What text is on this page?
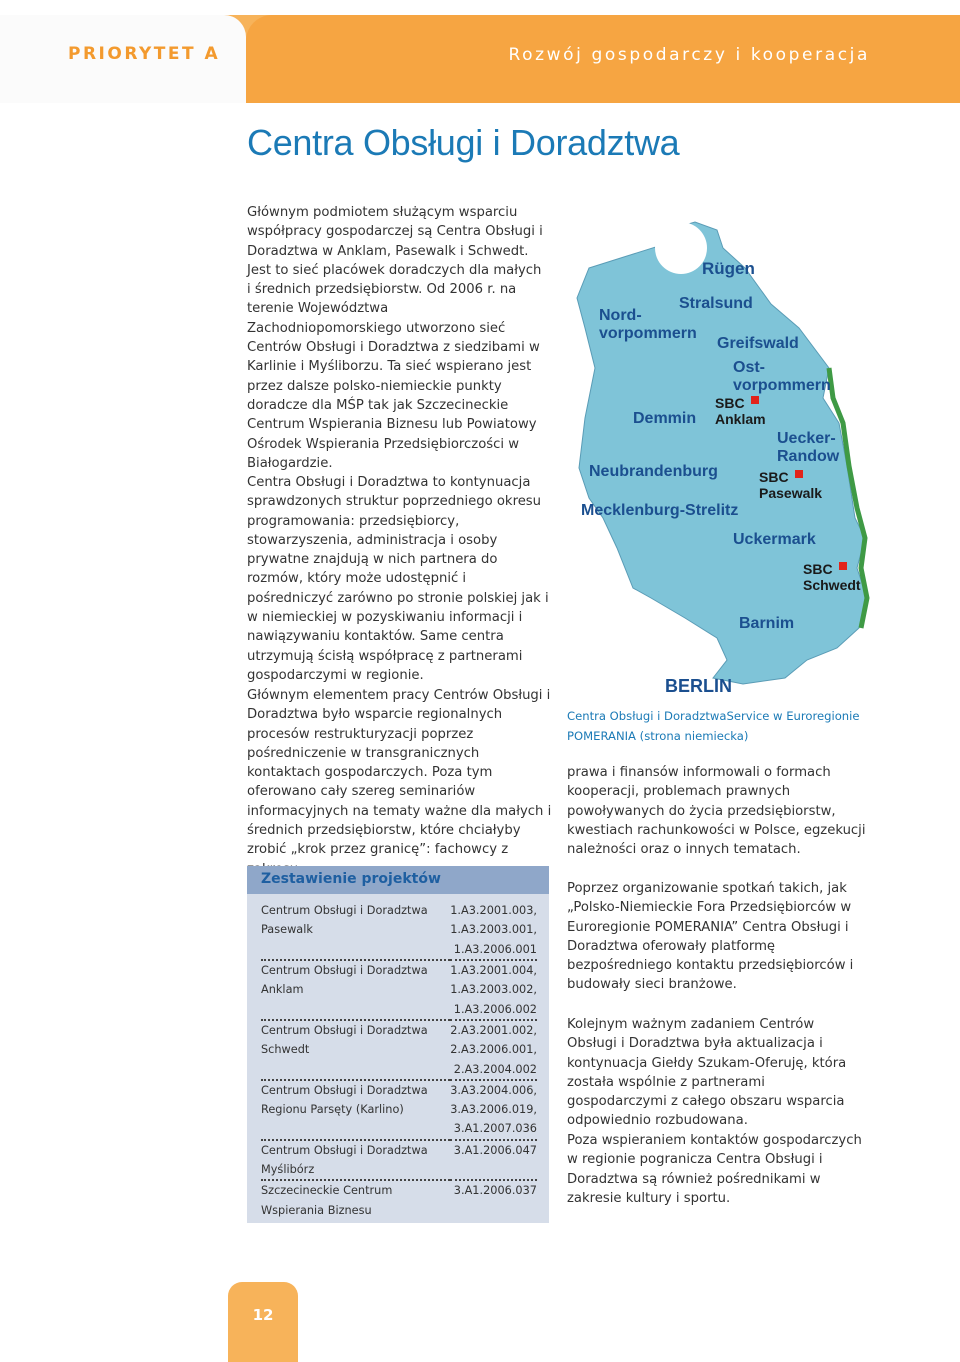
PRIORYTET A	Rozwój gospodarczy i kooperacja
Centra Obsługi i Doradztwa

Głównym podmiotem służącym wsparciu współpracy gospodarczej są Centra Obsługi i Doradztwa w Anklam, Pasewalk i Schwedt. Jest to sieć placówek doradczych dla małych i średnich przedsiębiorstw. Od 2006 r. na terenie Województwa Zachodniopomorskiego utworzono sieć Centrów Obsługi i Doradztwa z siedzibami w Karlinie i Myśliborzu. Ta sieć wspierano jest przez dalsze polsko-niemieckie punkty doradcze dla MŚP tak jak Szczecineckie Centrum Wspierania Biznesu lub Powiatowy Ośrodek Wspierania Przedsiębiorczości w Białogardzie.

Centra Obsługi i Doradztwa to kontynuacja sprawdzonych struktur poprzedniego okresu programowania: przedsiębiorcy, stowarzyszenia, administracja i osoby prywatne znajdują w nich partnera do rozmów, który może udostępnić i pośredniczyć zarówno po stronie polskiej jak i w niemieckiej w pozyskiwaniu informacji i nawiązywaniu kontaktów. Same centra utrzymują ścisłą współpracę z partnerami gospodarczymi w regionie.

Głównym elementem pracy Centrów Obsługi i Doradztwa było wsparcie regionalnych procesów restrukturyzacji poprzez pośredniczenie w transgranicznych kontaktach gospodarczych. Poza tym oferowano cały szereg seminariów informacyjnych na tematy ważne dla małych i średnich przedsiębiorstw, które chciałyby zrobić „krok przez granicę”: fachowcy z

Rügen
Stralsund
Nord-
vorpommern
Greifswald
Ost-
vorpommern
SBC
Anklam
Demmin
Uecker-
Randow
Neubrandenburg	SBC
Pasewalk
Mecklenburg-Strelitz
Uckermark
SBC
Schwedt
Barnim
BERLIN
Centra Obsługi i DoradztwaService w Euroregionie POMERANIA (strona niemiecka)

prawa i finansów informowali o formach kooperacji, problemach prawnych powoływanych do życia przedsiębiorstw, kwestiach rachunkowości w Polsce, egzekucji należności oraz o innych tematach.

Poprzez organizowanie spotkań takich, jak „Polsko-Niemieckie Fora Przedsiębiorców w Euroregionie POMERANIA” Centra Obsługi i Doradztwa oferowały platformę bezpośredniego kontaktu przedsiębiorców i budowały sieci branżowe.

Kolejnym ważnym zadaniem Centrów Obsługi i Doradztwa była aktualizacja i kontynuacja Giełdy Szukam-Oferuję, która została wspólnie z partnerami gospodarczymi z całego obszaru wsparcia odpowiednio rozbudowana.

Poza wspieraniem kontaktów gospodarczych w regionie pogranicza Centra Obsługi i Doradztwa są również pośrednikami w zakresie kultury i sportu.

Zestawienie projektów
Centrum Obsługi i Doradztwa	1.A3.2001.003,
Pasewalk	1.A3.2003.001,
	1.A3.2006.001
Centrum Obsługi i Doradztwa	1.A3.2001.004,
Anklam	1.A3.2003.002,
	1.A3.2006.002
Centrum Obsługi i Doradztwa	2.A3.2001.002,
Schwedt	2.A3.2006.001,
	2.A3.2004.002
Centrum Obsługi i Doradztwa	3.A3.2004.006,
Regionu Parsęty (Karlino)	3.A3.2006.019,
	3.A1.2007.036
Centrum Obsługi i Doradztwa	3.A1.2006.047
Myślibórz	
Szczecineckie Centrum	3.A1.2006.037
Wspierania Biznesu	
12
